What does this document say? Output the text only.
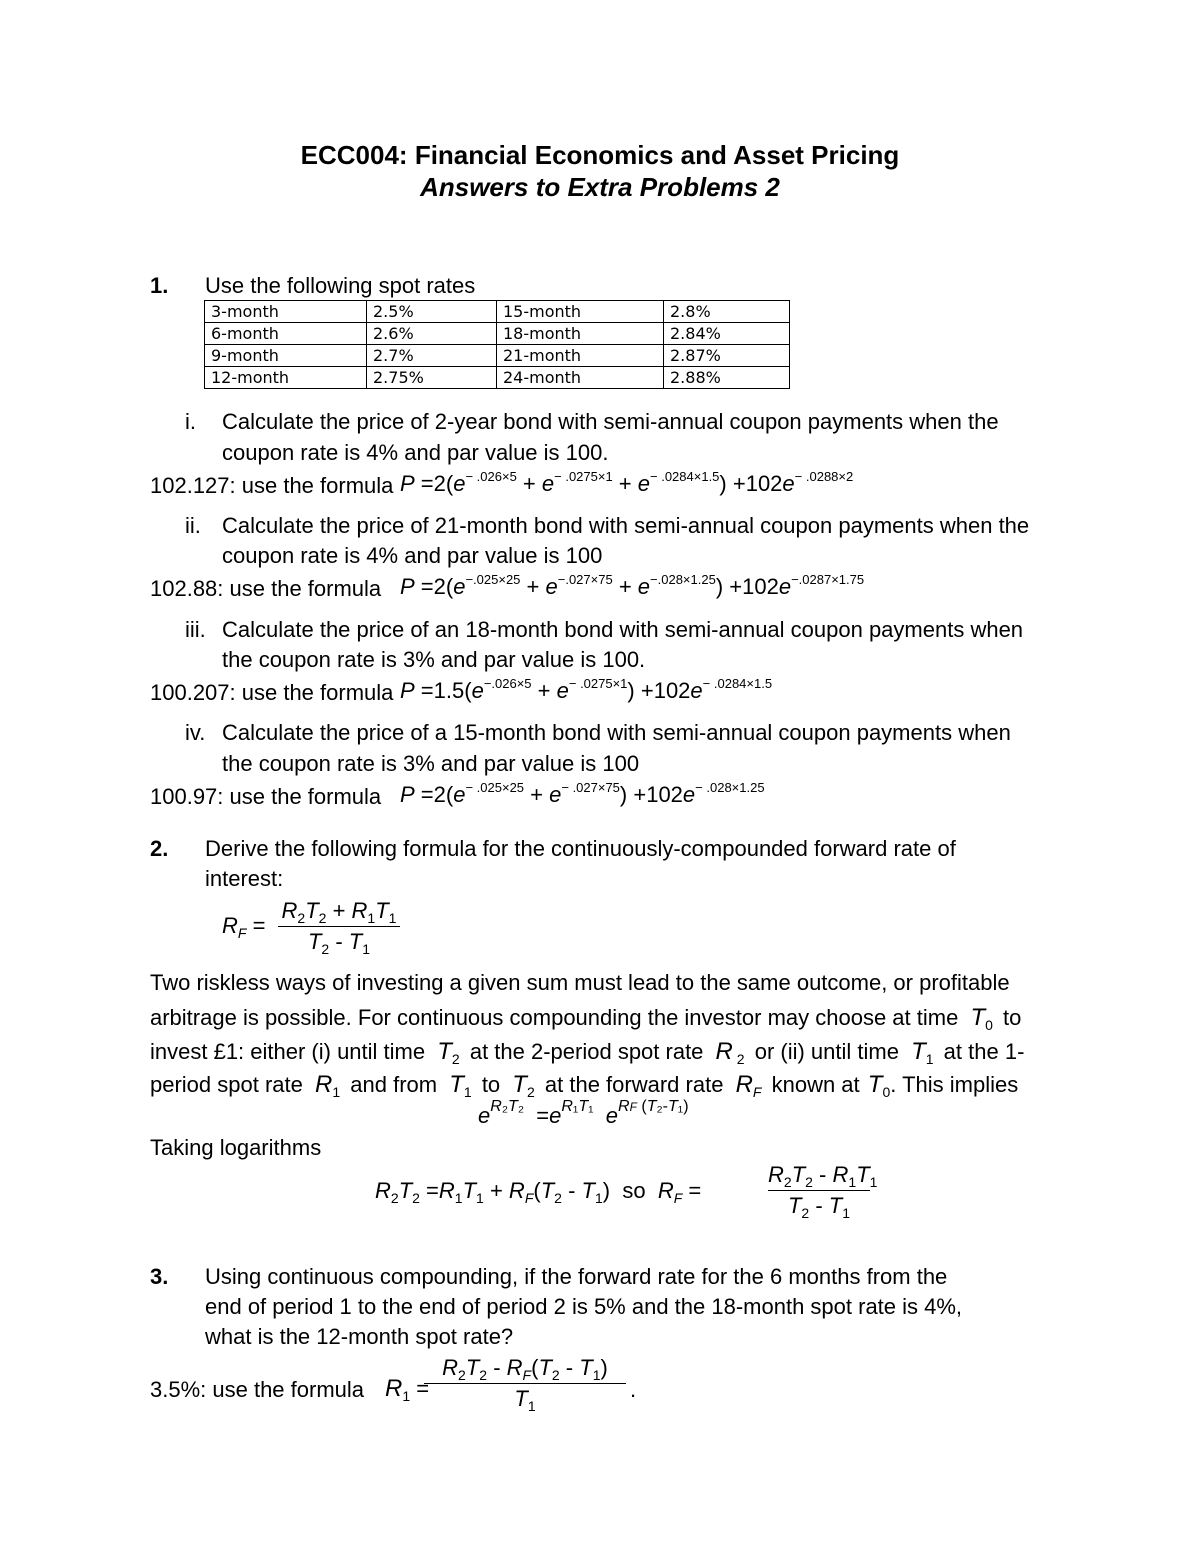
ECC004: Financial Economics and Asset Pricing
Answers to Extra Problems 2
1. Use the following spot rates
3-month	2.5%	15-month	2.8%
6-month	2.6%	18-month	2.84%
9-month	2.7%	21-month	2.87%
12-month	2.75%	24-month	2.88%
i. Calculate the price of 2-year bond with semi-annual coupon payments when the
coupon rate is 4% and par value is 100.
102.127: use the formula $P =2(e^{- .026\times 5} + e^{- .0275\times 1} + e^{- .0284\times 1.5}) +102e^{- .0288\times 2}$
ii. Calculate the price of 21-month bond with semi-annual coupon payments when the
coupon rate is 4% and par value is 100
102.88: use the formula $P =2(e^{-.025\times 25} + e^{-.027\times 75} + e^{-.028\times 1.25}) +102e^{-.0287\times 1.75}$
iii. Calculate the price of an 18-month bond with semi-annual coupon payments when
the coupon rate is 3% and par value is 100.
100.207: use the formula $P =1.5(e^{-.026\times 5} + e^{- .0275\times 1}) +102e^{- .0284\times 1.5}$
iv. Calculate the price of a 15-month bond with semi-annual coupon payments when
the coupon rate is 3% and par value is 100
100.97: use the formula $P =2(e^{- .025\times 25} + e^{- .027\times 75}) +102e^{- .028\times 1.25}$
2. Derive the following formula for the continuously-compounded forward rate of
interest:
$R_F$ =
$R_2T_2 + R_1T_1$
$T_2 - T_1$
Two riskless ways of investing a given sum must lead to the same outcome, or profitable
arbitrage is possible. For continuous compounding the investor may choose at time $T_0$ to
invest £1: either (i) until time $T_2$ at the 2-period spot rate R $_2$ or (ii) until time $T_1$ at the 1-
period spot rate $R_1$ and from $T_1$ to $T_2$ at the forward rate $R_F$ known at $T_0$. This implies
$e^{R_2T_2} =e^{R_1T_1}$ $e^{RF (T_2-T_1)}$
Taking logarithms
$R_2T_2 =R_1T_1 + R_F(T_2 - T_1)$  so $R_F$ =
$R_2T_2 - R_1T_1$
$T_2 - T_1$
3. Using continuous compounding, if the forward rate for the 6 months from the
end of period 1 to the end of period 2 is 5% and the 18-month spot rate is 4%,
what is the 12-month spot rate?
3.5%: use the formula $R_1$ =
$R_2T_2 - R_F(T_2 - T_1)$
$T_1$
.
